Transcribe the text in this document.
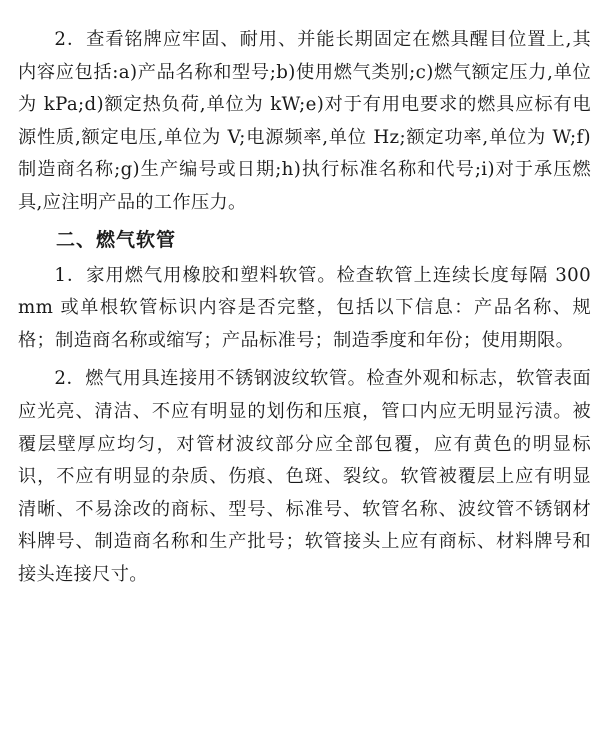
2．查看铭牌应牢固、耐用、并能长期固定在燃具醒目位置上,其内容应包括:a)产品名称和型号;b)使用燃气类别;c)燃气额定压力,单位为 kPa;d)额定热负荷,单位为 kW;e)对于有用电要求的燃具应标有电源性质,额定电压,单位为 V;电源频率,单位 Hz;额定功率,单位为 W;f)制造商名称;g)生产编号或日期;h)执行标准名称和代号;i)对于承压燃具,应注明产品的工作压力。

二、燃气软管

1．家用燃气用橡胶和塑料软管。检查软管上连续长度每隔 300 mm 或单根软管标识内容是否完整，包括以下信息：产品名称、规格；制造商名称或缩写；产品标准号；制造季度和年份；使用期限。

2．燃气用具连接用不锈钢波纹软管。检查外观和标志，软管表面应光亮、清洁、不应有明显的划伤和压痕，管口内应无明显污渍。被覆层壁厚应均匀，对管材波纹部分应全部包覆，应有黄色的明显标识，不应有明显的杂质、伤痕、色斑、裂纹。软管被覆层上应有明显清晰、不易涂改的商标、型号、标准号、软管名称、波纹管不锈钢材料牌号、制造商名称和生产批号；软管接头上应有商标、材料牌号和接头连接尺寸。
